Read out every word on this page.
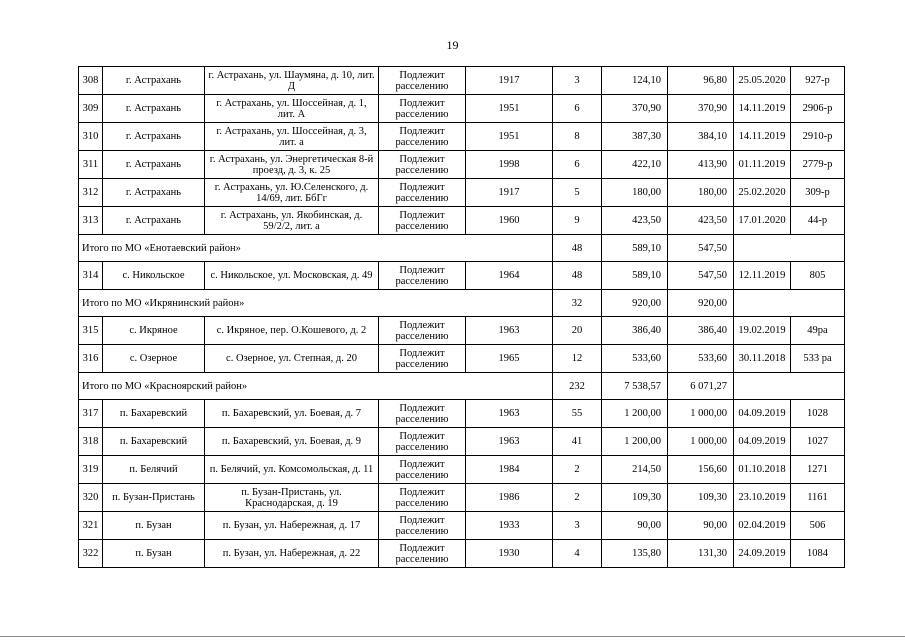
19
308	г. Астрахань	г. Астрахань, ул. Шаумяна, д. 10, лит. Д	Подлежит расселению	1917	3	124,10	96,80	25.05.2020	927-р
309	г. Астрахань	г. Астрахань, ул. Шоссейная, д. 1, лит. А	Подлежит расселению	1951	6	370,90	370,90	14.11.2019	2906-р
310	г. Астрахань	г. Астрахань, ул. Шоссейная, д. 3, лит. а	Подлежит расселению	1951	8	387,30	384,10	14.11.2019	2910-р
311	г. Астрахань	г. Астрахань, ул. Энергетическая 8-й проезд, д. 3, к. 25	Подлежит расселению	1998	6	422,10	413,90	01.11.2019	2779-р
312	г. Астрахань	г. Астрахань, ул. Ю.Селенского, д. 14/69, лит. БбГг	Подлежит расселению	1917	5	180,00	180,00	25.02.2020	309-р
313	г. Астрахань	г. Астрахань, ул. Якобинская, д. 59/2/2, лит. а	Подлежит расселению	1960	9	423,50	423,50	17.01.2020	44-р
Итого по МО «Енотаевский район»					48	589,10	547,50		
314	с. Никольское	с. Никольское, ул. Московская, д. 49	Подлежит расселению	1964	48	589,10	547,50	12.11.2019	805
Итого по МО «Икрянинский район»					32	920,00	920,00		
315	с. Икряное	с. Икряное, пер. О.Кошевого, д. 2	Подлежит расселению	1963	20	386,40	386,40	19.02.2019	49ра
316	с. Озерное	с. Озерное, ул. Степная, д. 20	Подлежит расселению	1965	12	533,60	533,60	30.11.2018	533 ра
Итого по МО «Красноярский район»					232	7 538,57	6 071,27		
317	п. Бахаревский	п. Бахаревский, ул. Боевая, д. 7	Подлежит расселению	1963	55	1 200,00	1 000,00	04.09.2019	1028
318	п. Бахаревский	п. Бахаревский, ул. Боевая, д. 9	Подлежит расселению	1963	41	1 200,00	1 000,00	04.09.2019	1027
319	п. Белячий	п. Белячий, ул. Комсомольская, д. 11	Подлежит расселению	1984	2	214,50	156,60	01.10.2018	1271
320	п. Бузан-Пристань	п. Бузан-Пристань, ул. Краснодарская, д. 19	Подлежит расселению	1986	2	109,30	109,30	23.10.2019	1161
321	п. Бузан	п. Бузан, ул. Набережная, д. 17	Подлежит расселению	1933	3	90,00	90,00	02.04.2019	506
322	п. Бузан	п. Бузан, ул. Набережная, д. 22	Подлежит расселению	1930	4	135,80	131,30	24.09.2019	1084
